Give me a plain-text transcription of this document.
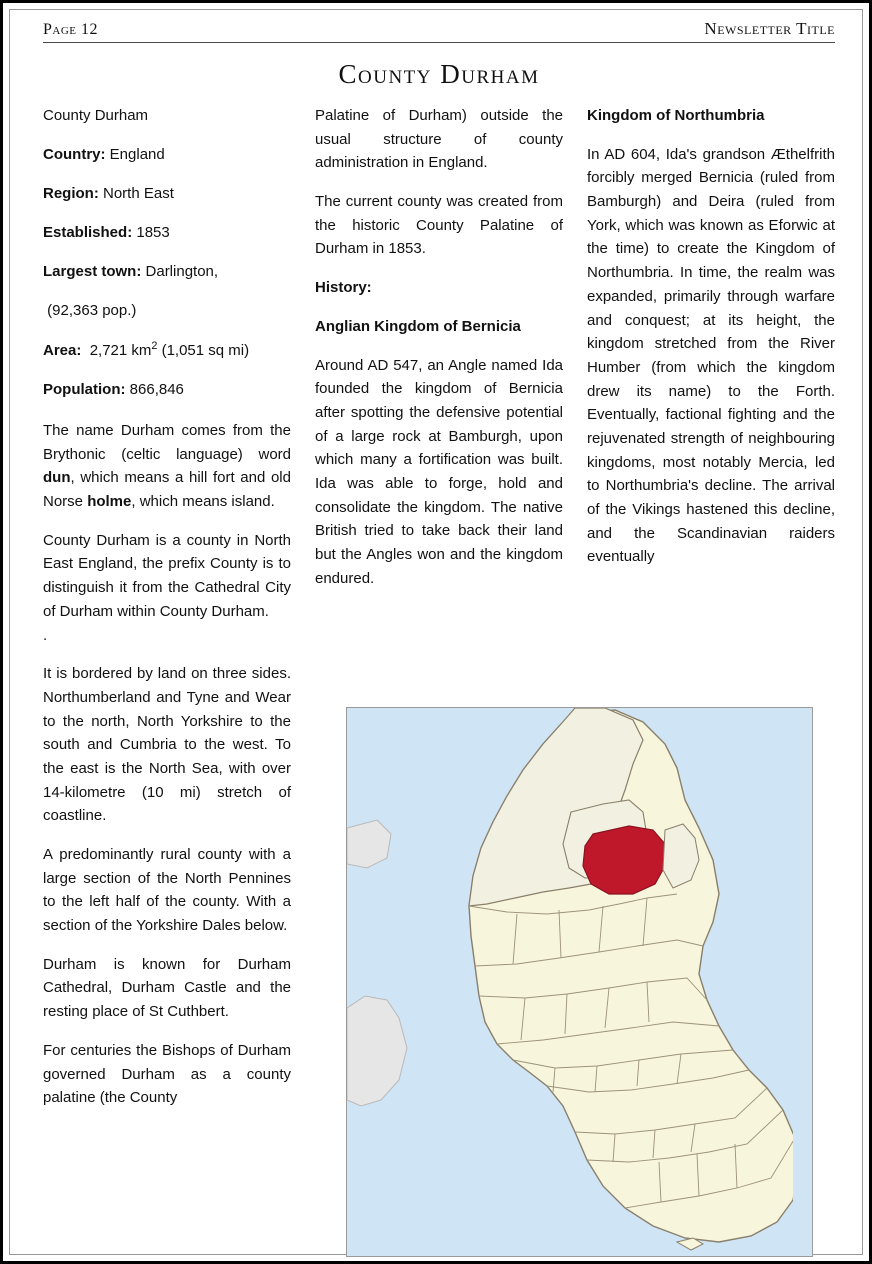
Page 12	Newsletter Title
County Durham

County Durham

Country: England

Region: North East

Established: 1853

Largest town: Darlington,

(92,363 pop.)

Area: 2,721 $km^2$ (1,051 sq mi)

Population: 866,846

The name Durham comes from the Brythonic (celtic language) word dun, which means a hill fort and old Norse holme, which means island.

County Durham is a county in North East England, the prefix County is to distinguish it from the Cathedral City of Durham within County Durham.

.

It is bordered by land on three sides. Northumberland and Tyne and Wear to the north, North Yorkshire to the south and Cumbria to the west. To the east is the North Sea, with over 14-kilometre (10 mi) stretch of coastline.

A predominantly rural county with a large section of the North Pennines to the left half of the county. With a section of the Yorkshire Dales below.

Durham is known for Durham Cathedral, Durham Castle and the resting place of St Cuthbert.

For centuries the Bishops of Durham governed Durham as a county palatine (the County

Palatine of Durham) outside the usual structure of county administration in England.

The current county was created from the historic County Palatine of Durham in 1853.

History:

Anglian Kingdom of Bernicia

Around AD 547, an Angle named Ida founded the kingdom of Bernicia after spotting the defensive potential of a large rock at Bamburgh, upon which many a fortification was built. Ida was able to forge, hold and consolidate the kingdom. The native British tried to take back their land but the Angles won and the kingdom endured.

Kingdom of Northumbria

In AD 604, Ida's grandson Æthelfrith forcibly merged Bernicia (ruled from Bamburgh) and Deira (ruled from York, which was known as Eforwic at the time) to create the Kingdom of Northumbria. In time, the realm was expanded, primarily through warfare and conquest; at its height, the kingdom stretched from the River Humber (from which the kingdom drew its name) to the Forth. Eventually, factional fighting and the rejuvenated strength of neighbouring kingdoms, most notably Mercia, led to Northumbria's decline. The arrival of the Vikings hastened this decline, and the Scandinavian raiders eventually
